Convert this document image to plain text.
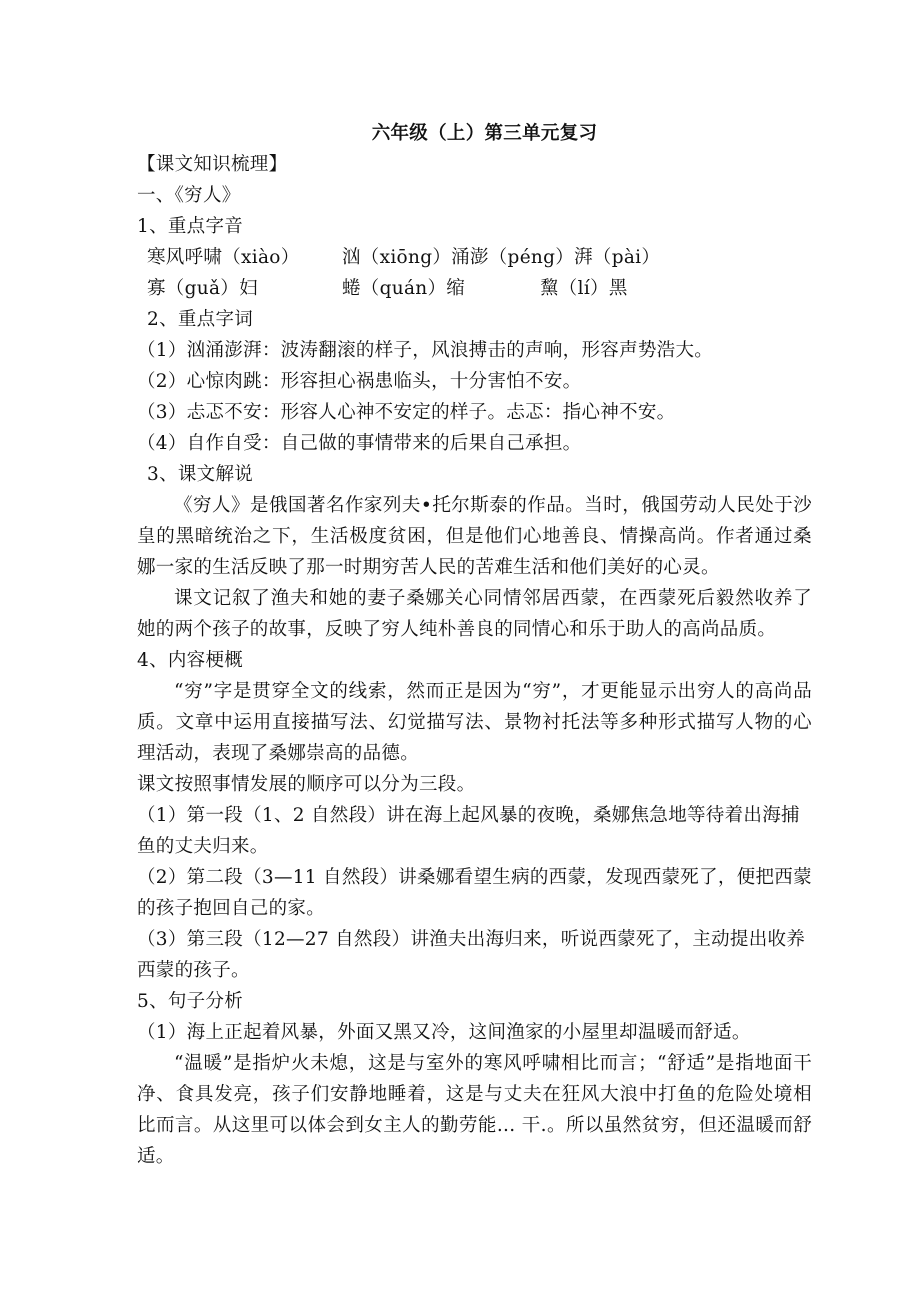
六年级（上）第三单元复习
【课文知识梳理】
一、《穷人》
1、重点字音
寒风呼啸（xiào） 汹（xiōng）涌澎（péng）湃（pài）
寡（guǎ）妇	蜷（quán）缩	黧（lí）黑
2、重点字词
（1）汹涌澎湃：波涛翻滚的样子，风浪搏击的声响，形容声势浩大。
（2）心惊肉跳：形容担心祸患临头，十分害怕不安。
（3）忐忑不安：形容人心神不安定的样子。忐忑：指心神不安。
（4）自作自受：自己做的事情带来的后果自己承担。
3、课文解说
《穷人》是俄国著名作家列夫•托尔斯泰的作品。当时，俄国劳动人民处于沙皇的黑暗统治之下，生活极度贫困，但是他们心地善良、情操高尚。作者通过桑娜一家的生活反映了那一时期穷苦人民的苦难生活和他们美好的心灵。
课文记叙了渔夫和她的妻子桑娜关心同情邻居西蒙，在西蒙死后毅然收养了她的两个孩子的故事，反映了穷人纯朴善良的同情心和乐于助人的高尚品质。
4、内容梗概
“穷”字是贯穿全文的线索，然而正是因为“穷”，才更能显示出穷人的高尚品质。文章中运用直接描写法、幻觉描写法、景物衬托法等多种形式描写人物的心理活动，表现了桑娜崇高的品德。
课文按照事情发展的顺序可以分为三段。
（1）第一段（1、2 自然段）讲在海上起风暴的夜晚，桑娜焦急地等待着出海捕鱼的丈夫归来。
（2）第二段（3—11 自然段）讲桑娜看望生病的西蒙，发现西蒙死了，便把西蒙的孩子抱回自己的家。
（3）第三段（12—27 自然段）讲渔夫出海归来，听说西蒙死了，主动提出收养西蒙的孩子。
5、句子分析
（1）海上正起着风暴，外面又黑又冷，这间渔家的小屋里却温暖而舒适。
“温暖”是指炉火未熄，这是与室外的寒风呼啸相比而言；“舒适”是指地面干净、食具发亮，孩子们安静地睡着，这是与丈夫在狂风大浪中打鱼的危险处境相比而言。从这里可以体会到女主人的勤劳能... 干.。所以虽然贫穷，但还温暖而舒适。
